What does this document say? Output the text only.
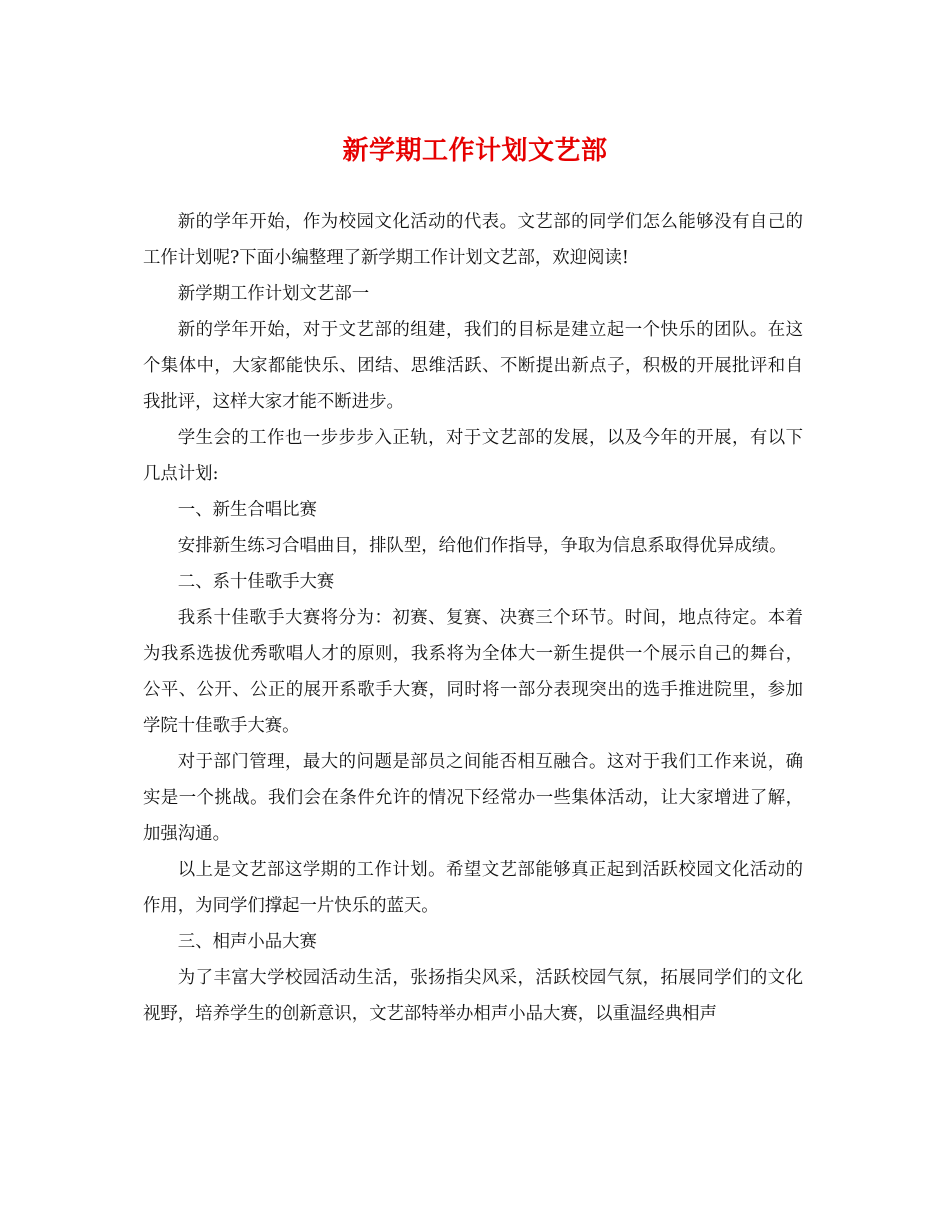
新学期工作计划文艺部

新的学年开始，作为校园文化活动的代表。文艺部的同学们怎么能够没有自己的工作计划呢?下面小编整理了新学期工作计划文艺部，欢迎阅读!

新学期工作计划文艺部一

新的学年开始，对于文艺部的组建，我们的目标是建立起一个快乐的团队。在这个集体中，大家都能快乐、团结、思维活跃、不断提出新点子，积极的开展批评和自我批评，这样大家才能不断进步。

学生会的工作也一步步步入正轨，对于文艺部的发展，以及今年的开展，有以下几点计划:

一、新生合唱比赛

安排新生练习合唱曲目，排队型，给他们作指导，争取为信息系取得优异成绩。

二、系十佳歌手大赛

我系十佳歌手大赛将分为：初赛、复赛、决赛三个环节。时间，地点待定。本着为我系选拔优秀歌唱人才的原则，我系将为全体大一新生提供一个展示自己的舞台，公平、公开、公正的展开系歌手大赛，同时将一部分表现突出的选手推进院里，参加学院十佳歌手大赛。

对于部门管理，最大的问题是部员之间能否相互融合。这对于我们工作来说，确实是一个挑战。我们会在条件允许的情况下经常办一些集体活动，让大家增进了解，加强沟通。

以上是文艺部这学期的工作计划。希望文艺部能够真正起到活跃校园文化活动的作用，为同学们撑起一片快乐的蓝天。

三、相声小品大赛

为了丰富大学校园活动生活，张扬指尖风采，活跃校园气氛，拓展同学们的文化视野，培养学生的创新意识，文艺部特举办相声小品大赛，以重温经典相声
